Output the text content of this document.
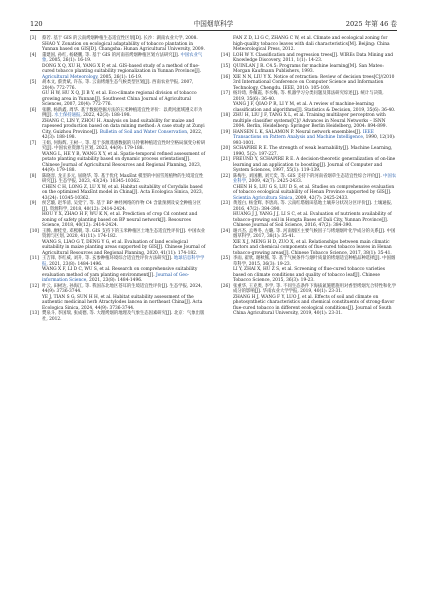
120	中国烟草科学	2025 年第 46 卷

[3] 蔡若. 基于 GIS 的云南烤烟种植生态适宜性区划[D]. 长沙：湖南农业大学, 2008.
SHAO Y. Zonation on ecological adaptability of tobacco plantation in Yunnan based on GIS[D]. Changsha: Hunan Agricultural University, 2009.

[4] 董建国, 孙红, 杨晓鹏, 等. 基于 GIS 的河南省烤烟种植区划方法研究[J]. 中国农业气象, 2005, 26(1): 16-19.
DONG X Q, XU H, YANG X P, et al. GIS-based study of a method of flue-cured tobacco planting suitability regionalization in Yunnan Province[J]. Agricultural Meteorology, 2005, 26(1): 16-19.

[5] 胡本文, 蔡贵斌, 许东, 等. 云南烤烟生态气候类型区划[J]. 西南农业学报, 2007, 20(4): 772-776.
GU H W, HU X Q, JI B Y, et al. Eco-climate regional division of tobacco growing area in Yunnan[J]. Southwest China Journal of Agricultural Sciences, 2007, 20(4): 772-776.

[6] 张鹏, 杨新鑫, 周华. 基于数据挖掘方法的玉米种植适宜性评价：以黄河流域遵义市为例[J]. 水土保持通报, 2022, 42(3): 188-198.
ZHANG C, LIN Y, ZHOU H. Analysis on land suitability for maize and rapeseed production based on data mining method: A case study at Zunyi City, Guizhou Province[J]. Bulletin of Soil and Water Conservation, 2022, 42(3): 188-198.

[7] 王娟, 何海辉, 王树一, 等. 基于多源遥感数据的马铃薯种植适宜性时空格局演变分析研究[J]. 中国农业资源与区划, 2023, 44(9): 179-188.
WANG L, HE Y B, WANG X Y, et al. Spatio-temporal refined assessment of potato planting suitability based on dynamic process orientation[J]. Chinese Journal of Agricultural Resources and Regional Planning, 2023, 44(9): 179-188.

[8] 陈晓容, 龙正多元, 屈晓华, 等. 基于优化 MaxEnt 模型的中国雪莲植物的生境适宜性研究[J]. 生态学报, 2023, 43(24): 10345-10362.
CHEN C H, LONG Z, LU X W, et al. Habitat suitability of Corydalis based on the optimized MaxEnt model in China[J]. Acta Ecologica Sinica, 2023, 43(24): 10345-10362.

[9] 侯艺璇, 赵华清, 吴党宁, 等. 基于 BP 神经网络的作物 C4 含量预测及安全种植分区[J]. 资源科学, 2018, 40(12): 2414-2424.
HOU Y X, ZHAO H F, WU K N, et al. Prediction of crop Cd content and zoning of safety planting based on BP neural network[J]. Resources Science, 2018, 40(12): 2414-2424.

[10] 王腾, 廖桂堂, 邓熙朝, 等. GIS 支持下的玉米种植区土地生态适宜性评价[J]. 中国农业资源与区划, 2020, 41(11): 174-182.
WANG S, LIAO G T, DENG Y G, et al. Evaluation of land ecological suitability in maize planting areas supported by GIS[J]. Chinese Journal of Agricultural Resources and Regional Planning, 2020, 41(11): 174-182.

[11] 王吉锋, 李红威, 刘升, 等. 玄参种植环境综合适宜性评价方法研究[J]. 地球信息科学学报, 2021, 23(8): 1484-1496.
WANG X F, LI D C, WU S, et al. Research on comprehensive suitability evaluation method of yam planting environment[J]. Journal of Geo-information Science, 2021, 23(8): 1484-1496.

[12] 叶云, 田树达, 孙海江, 等. 我国东北地区苍耳的生境适宜性评价[J]. 生态学报, 2024, 44(9): 3736-3744.
YE J, TIAN S G, SUN H H, et al. Habitat suitability assessment of the authentic medicinal herb Atractylodes lancea in northeast China[J]. Acta Ecologica Sinica, 2024, 44(9): 3736-3744.

[13] 樊泉斗, 李国瑞, 张成德, 等. 大理烤烟的地理及气象生态因素研究[J]. 北京：气象出版社, 2012.

FAN Z D, LI G C, ZHANG C W, et al. Climate and ecological zoning for high-quality tobacco leaves with dali characteristics[M]. Beijing: China Meteorological Press, 2012.

[14] LOH W Y. Classification and regression trees[J]. WIREs Data Mining and Knowledge Discovery, 2011, 1(1): 14-23.

[15] QUINLAN J R. C4.5: Programs for machine learning[M]. San Mateo: Morgan Kaufmann Publishers, 1993.

[16] XIE N N, LIU Y X. Notice of retraction: Review of decision trees[C]//2010 3rd International Conference on Computer Science and Information Technology, Chengdu. IEEE, 2010: 105-109.

[17] 杨玲琦, 乔佩霞, 李水梅, 等. 机器学习分类问题及算法研究综述[J]. 统计与决策, 2019, 35(6): 36-40.
YANG J F, QIAO P R, LI Y M, et al. A review of machine-learning classification and algorithms[J]. Statistics & Decision, 2019, 35(6): 36-40.

[18] ZHU H, LIU J F, TANG X L, et al. Training multilayer perceptron with multiple classifier systems[C]// Advances in Neural Networks – ISNN 2004. Berlin, Heidelberg: Springer Berlin Heidelberg, 2004: 894-899.

[19] HANSEN L K, SALAMON P. Neural network ensembles[J]. IEEE Transactions on Pattern Analysis and Machine Intelligence, 1990, 12(10): 993-1001.

[20] SCHAPIRE R E. The strength of weak learnability[J]. Machine Learning, 1990, 5(2): 197-227.

[21] FREUND Y, SCHAPIRE R E. A decision-theoretic generalization of on-line learning and an application to boosting[J]. Journal of Computer and System Sciences, 1997, 55(1): 119-139.

[22] 陈梅生, 刘国鹏, 刘天奕, 等. GIS 支持下的河南省烟草生态适宜性综合评价[J]. 中国农业科学, 2009, 42(7): 2425-2433.
CHEN H S, LIU G S, LIU D S, et al. Studies on comprehensive evaluation of tobacco ecological suitability of Henan Province supported by GIS[J]. Scientia Agricultura Sinica, 2009, 42(7): 2425-2433.

[23] 黄莲白, 杨金辉, 李唐高, 等. 云南红塔烟田基地土壤养分状况分区评价[J]. 土壤通报, 2016, 47(2): 384-390.
HUANG J J, YANG J J, LI S C, et al. Evaluation of nutrients availability of tobacco-growing soil in Hongta Bases of Dali City, Yunnan Province[J]. Chinese Journal of Soil Science, 2016, 47(2): 384-390.

[24] 谢兴杰, 孟粤冬, 左璐, 等. 河南烟区主要气候因子与烤烟烟叶化学成分的关系[J]. 中国烟草科学, 2017, 38(1): 35-41.
XIE X J, MENG H D, ZUO X, et al. Relationships between main climatic factors and chemical components of flue-cured tobacco leaves in Henan tobacco-growing areas[J]. Chinese Tobacco Science, 2017, 38(1): 35-41.

[25] 李雨, 翟欣, 谢秋熊, 等. 基于气候条件与烟叶质量的烤烟适宜种植品种选择[J]. 中国烟草科学, 2015, 36(3): 19-23.
LI Y, ZHAI X, HU Z S, et al. Screening of flue-cured tobacco varieties based on climate conditions and quality of tobacco leaf[J]. Chinese Tobacco Science, 2015, 36(3): 19-23.

[26] 张重华, 王克奥, 李学, 等. 不同生态条件下海拔氮施肥施用对香型烤烟光合特性和化学成分的影响[J]. 华南农业大学学报, 2019, 40(1): 23-31.
ZHANG H J, WANG F Y, LUO J, et al. Effects of soil and climate on photosynthetic characteristics and chemical constituents of strong-flavor flue-cured tobacco in different ecological conditions[J]. Journal of South China Agricultural University, 2019, 40(1): 23-31.
